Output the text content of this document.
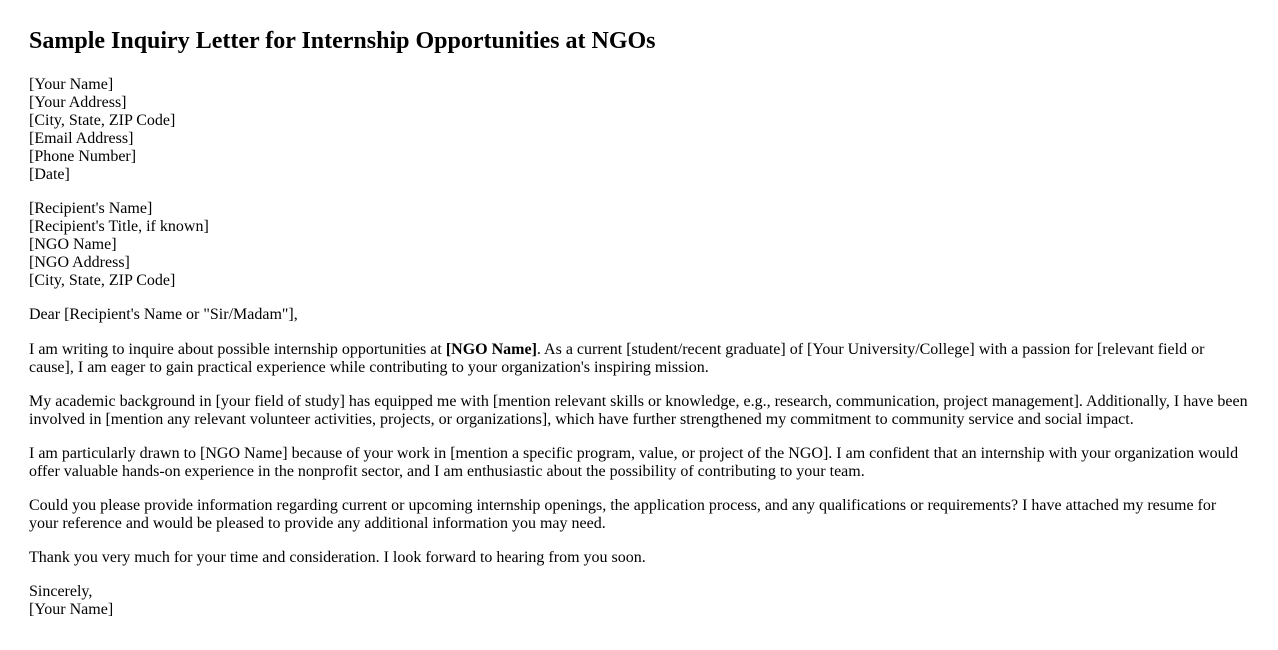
Sample Inquiry Letter for Internship Opportunities at NGOs

[Your Name]
[Your Address]
[City, State, ZIP Code]
[Email Address]
[Phone Number]
[Date]

[Recipient's Name]
[Recipient's Title, if known]
[NGO Name]
[NGO Address]
[City, State, ZIP Code]

Dear [Recipient's Name or "Sir/Madam"],

I am writing to inquire about possible internship opportunities at [NGO Name]. As a current [student/recent graduate] of [Your University/College] with a passion for [relevant field or cause], I am eager to gain practical experience while contributing to your organization's inspiring mission.

My academic background in [your field of study] has equipped me with [mention relevant skills or knowledge, e.g., research, communication, project management]. Additionally, I have been involved in [mention any relevant volunteer activities, projects, or organizations], which have further strengthened my commitment to community service and social impact.

I am particularly drawn to [NGO Name] because of your work in [mention a specific program, value, or project of the NGO]. I am confident that an internship with your organization would offer valuable hands-on experience in the nonprofit sector, and I am enthusiastic about the possibility of contributing to your team.

Could you please provide information regarding current or upcoming internship openings, the application process, and any qualifications or requirements? I have attached my resume for your reference and would be pleased to provide any additional information you may need.

Thank you very much for your time and consideration. I look forward to hearing from you soon.

Sincerely,
[Your Name]
